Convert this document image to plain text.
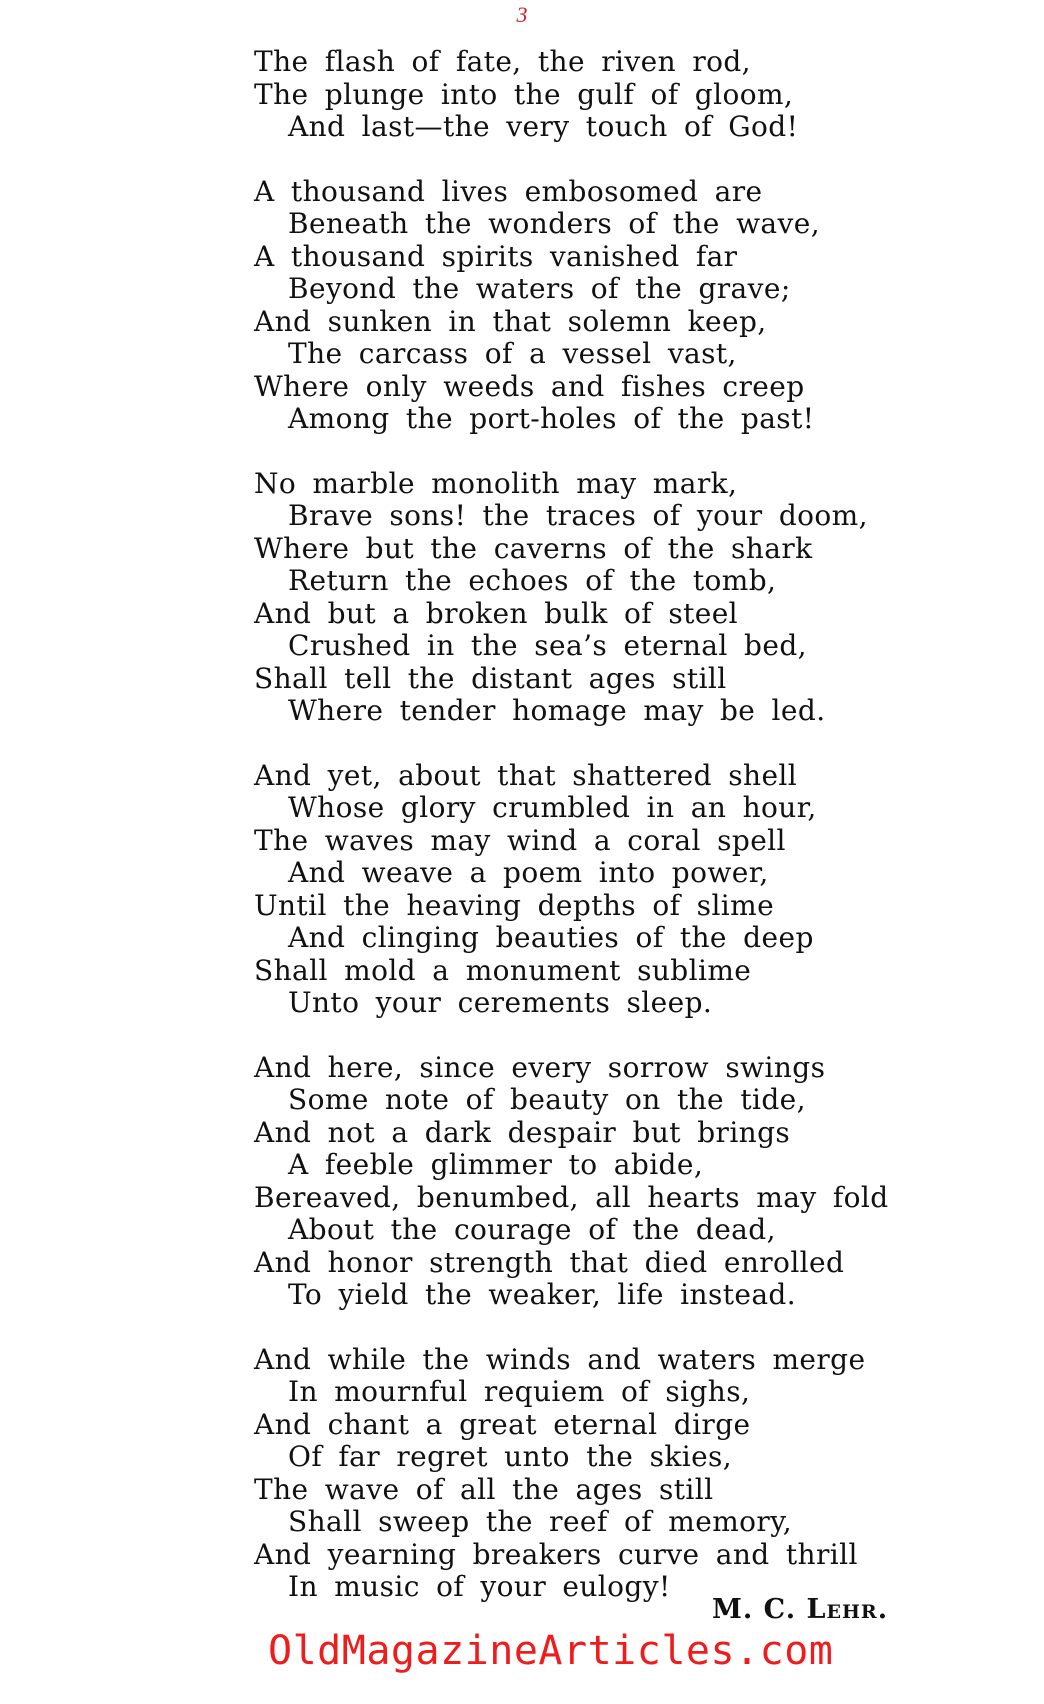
3
The flash of fate, the riven rod,
The plunge into the gulf of gloom,
And last—the very touch of God!
A thousand lives embosomed are
Beneath the wonders of the wave,
A thousand spirits vanished far
Beyond the waters of the grave;
And sunken in that solemn keep,
The carcass of a vessel vast,
Where only weeds and fishes creep
Among the port-holes of the past!
No marble monolith may mark,
Brave sons! the traces of your doom,
Where but the caverns of the shark
Return the echoes of the tomb,
And but a broken bulk of steel
Crushed in the sea’s eternal bed,
Shall tell the distant ages still
Where tender homage may be led.
And yet, about that shattered shell
Whose glory crumbled in an hour,
The waves may wind a coral spell
And weave a poem into power,
Until the heaving depths of slime
And clinging beauties of the deep
Shall mold a monument sublime
Unto your cerements sleep.
And here, since every sorrow swings
Some note of beauty on the tide,
And not a dark despair but brings
A feeble glimmer to abide,
Bereaved, benumbed, all hearts may fold
About the courage of the dead,
And honor strength that died enrolled
To yield the weaker, life instead.
And while the winds and waters merge
In mournful requiem of sighs,
And chant a great eternal dirge
Of far regret unto the skies,
The wave of all the ages still
Shall sweep the reef of memory,
And yearning breakers curve and thrill
In music of your eulogy!
M. C. Lehr.
OldMagazineArticles.com
